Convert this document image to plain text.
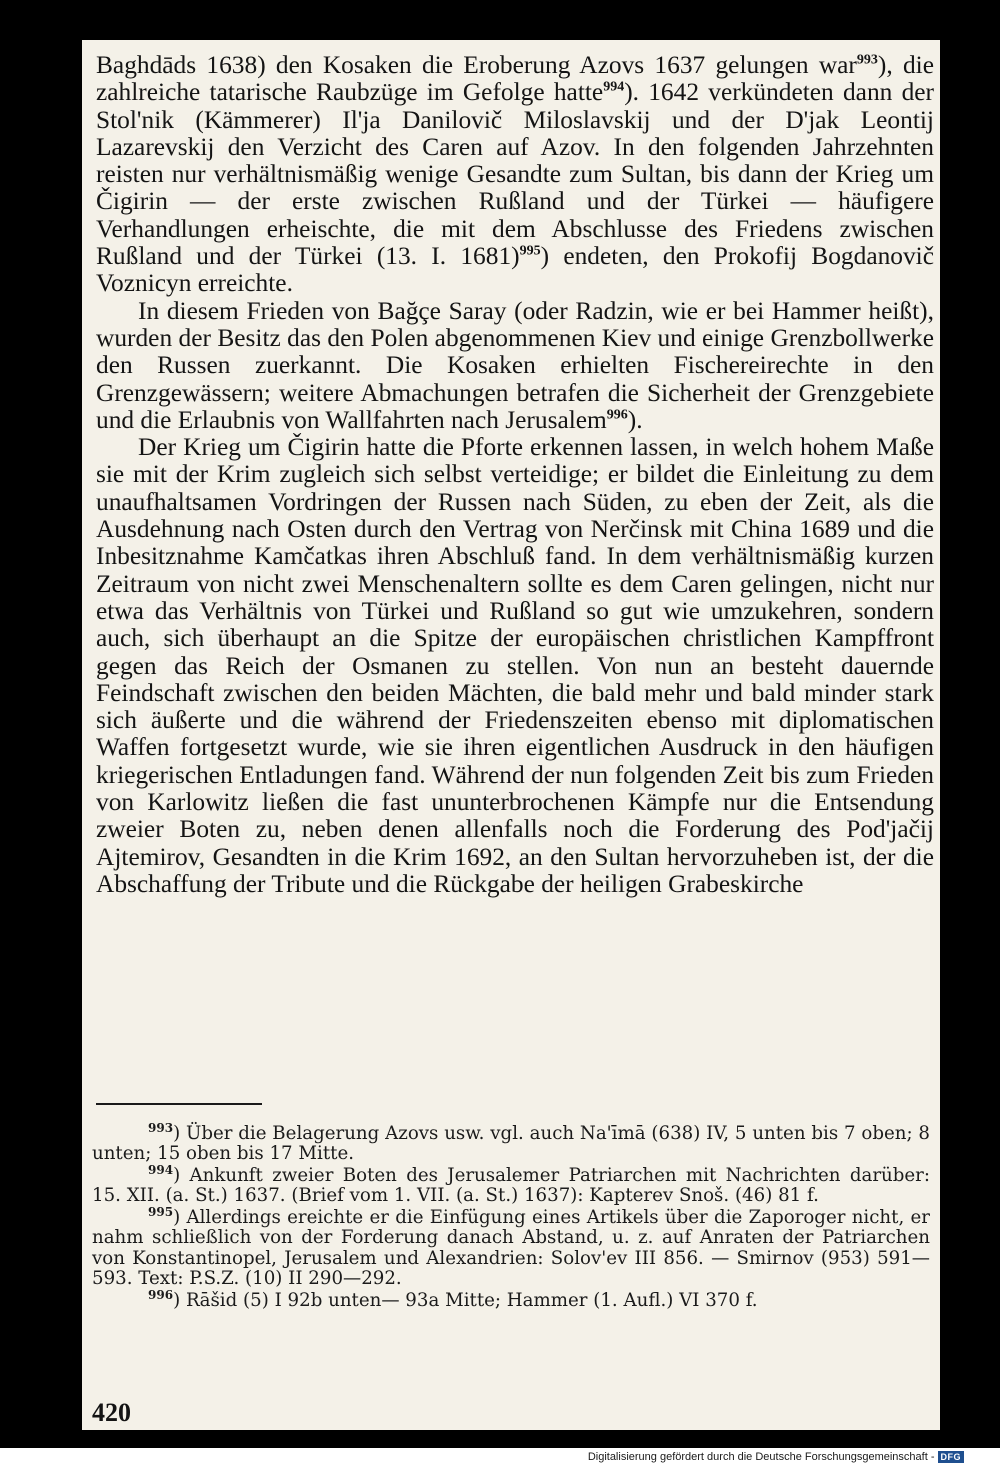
Baghdāds 1638) den Kosaken die Eroberung Azovs 1637 gelungen war$^{993}$), die zahlreiche tatarische Raubzüge im Gefolge hatte$^{994}$). 1642 verkündeten dann der Stol'nik (Kämmerer) Il'ja Danilovič Miloslavskij und der D'jak Leontij Lazarevskij den Verzicht des Caren auf Azov. In den folgenden Jahrzehnten reisten nur verhältnismäßig wenige Gesandte zum Sultan, bis dann der Krieg um Čigirin — der erste zwischen Rußland und der Türkei — häufigere Verhandlungen erheischte, die mit dem Abschlusse des Friedens zwischen Rußland und der Türkei (13. I. 1681)$^{995}$) endeten, den Prokofij Bogdanovič Voznicyn erreichte.

In diesem Frieden von Bağçe Saray (oder Radzin, wie er bei Hammer heißt), wurden der Besitz das den Polen abgenommenen Kiev und einige Grenzbollwerke den Russen zuerkannt. Die Kosaken erhielten Fischereirechte in den Grenzgewässern; weitere Abmachungen betrafen die Sicherheit der Grenzgebiete und die Erlaubnis von Wallfahrten nach Jerusalem$^{996}$).

Der Krieg um Čigirin hatte die Pforte erkennen lassen, in welch hohem Maße sie mit der Krim zugleich sich selbst verteidige; er bildet die Einleitung zu dem unaufhaltsamen Vordringen der Russen nach Süden, zu eben der Zeit, als die Ausdehnung nach Osten durch den Vertrag von Nerčinsk mit China 1689 und die Inbesitznahme Kamčatkas ihren Abschluß fand. In dem verhältnismäßig kurzen Zeitraum von nicht zwei Menschenaltern sollte es dem Caren gelingen, nicht nur etwa das Verhältnis von Türkei und Rußland so gut wie umzukehren, sondern auch, sich überhaupt an die Spitze der europäischen christlichen Kampffront gegen das Reich der Osmanen zu stellen. Von nun an besteht dauernde Feindschaft zwischen den beiden Mächten, die bald mehr und bald minder stark sich äußerte und die während der Friedenszeiten ebenso mit diplomatischen Waffen fortgesetzt wurde, wie sie ihren eigentlichen Ausdruck in den häufigen kriegerischen Entladungen fand. Während der nun folgenden Zeit bis zum Frieden von Karlowitz ließen die fast ununterbrochenen Kämpfe nur die Entsendung zweier Boten zu, neben denen allenfalls noch die Forderung des Pod'jačij Ajtemirov, Gesandten in die Krim 1692, an den Sultan hervorzuheben ist, der die Abschaffung der Tribute und die Rückgabe der heiligen Grabeskirche

$^{993}$) Über die Belagerung Azovs usw. vgl. auch Na'īmā (638) IV, 5 unten bis 7 oben; 8 unten; 15 oben bis 17 Mitte.

$^{994}$) Ankunft zweier Boten des Jerusalemer Patriarchen mit Nachrichten darüber: 15. XII. (a. St.) 1637. (Brief vom 1. VII. (a. St.) 1637): Kapterev Snoš. (46) 81 f.

$^{995}$) Allerdings ereichte er die Einfügung eines Artikels über die Zaporoger nicht, er nahm schließlich von der Forderung danach Abstand, u. z. auf Anraten der Patriarchen von Konstantinopel, Jerusalem und Alexandrien: Solov'ev III 856. — Smirnov (953) 591—593. Text: P.S.Z. (10) II 290—292.

$^{996}$) Rāšid (5) I 92b unten— 93a Mitte; Hammer (1. Aufl.) VI 370 f.

420
Digitalisierung gefördert durch die Deutsche Forschungsgemeinschaft - DFG
